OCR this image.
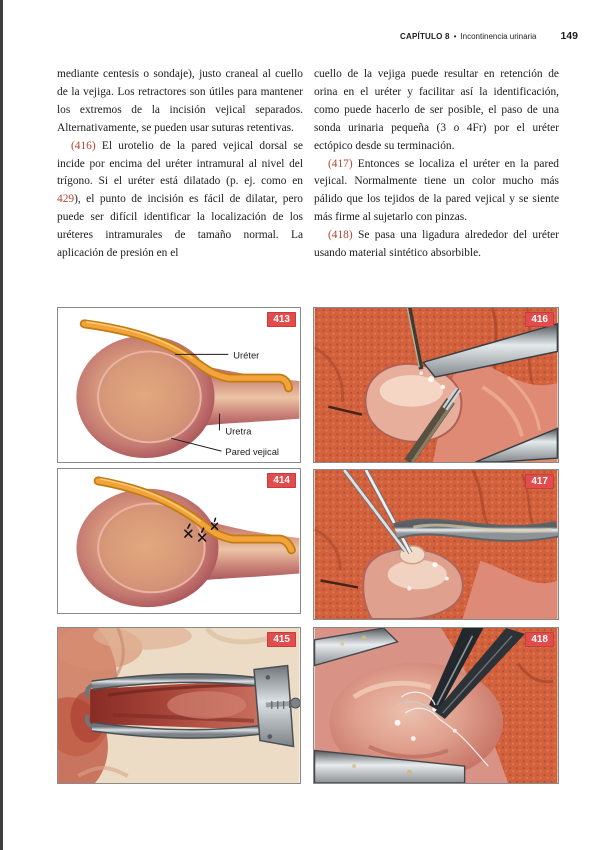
CAPÍTULO 8 • Incontinencia urinaria 149

mediante centesis o sondaje), justo craneal al cuello de la vejiga. Los retractores son útiles para mantener los extremos de la incisión vejical separados. Alternativamente, se pueden usar suturas retentivas.

(416) El urotelio de la pared vejical dorsal se incide por encima del uréter intramural al nivel del trígono. Si el uréter está dilatado (p. ej. como en 429), el punto de incisión es fácil de dilatar, pero puede ser difícil identificar la localización de los uréteres intramurales de tamaño normal. La aplicación de presión en el

cuello de la vejiga puede resultar en retención de orina en el uréter y facilitar así la identificación, como puede hacerlo de ser posible, el paso de una sonda urinaria pequeña (3 o 4Fr) por el uréter ectópico desde su terminación.

(417) Entonces se localiza el uréter en la pared vejical. Normalmente tiene un color mucho más pálido que los tejidos de la pared vejical y se siente más firme al sujetarlo con pinzas.

(418) Se pasa una ligadura alrededor del uréter usando material sintético absorbible.

Uréter
Uretra
Pared vejical
413
414
415
416
417
418
